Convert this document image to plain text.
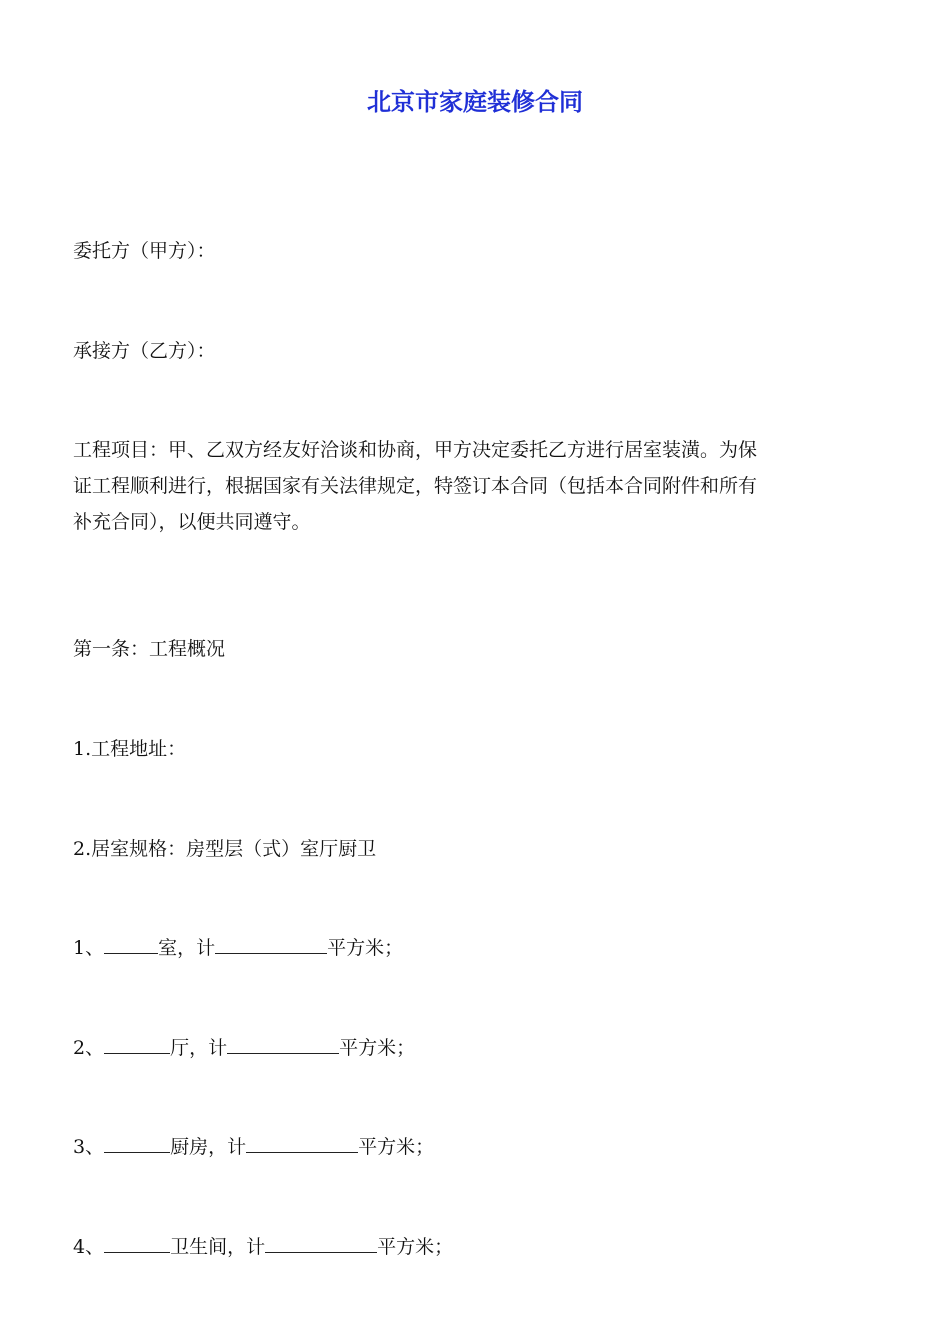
北京市家庭装修合同

委托方（甲方）：

承接方（乙方）：

工程项目：甲、乙双方经友好洽谈和协商，甲方决定委托乙方进行居室装潢。为保
证工程顺利进行，根据国家有关法律规定，特签订本合同（包括本合同附件和所有
补充合同），以便共同遵守。

第一条：工程概况

1.工程地址：

2.居室规格：房型层（式）室厅厨卫

1、	室，计	平方米；

2、	厅，计	平方米；

3、	厨房，计	平方米；

4、	卫生间，计	平方米；
